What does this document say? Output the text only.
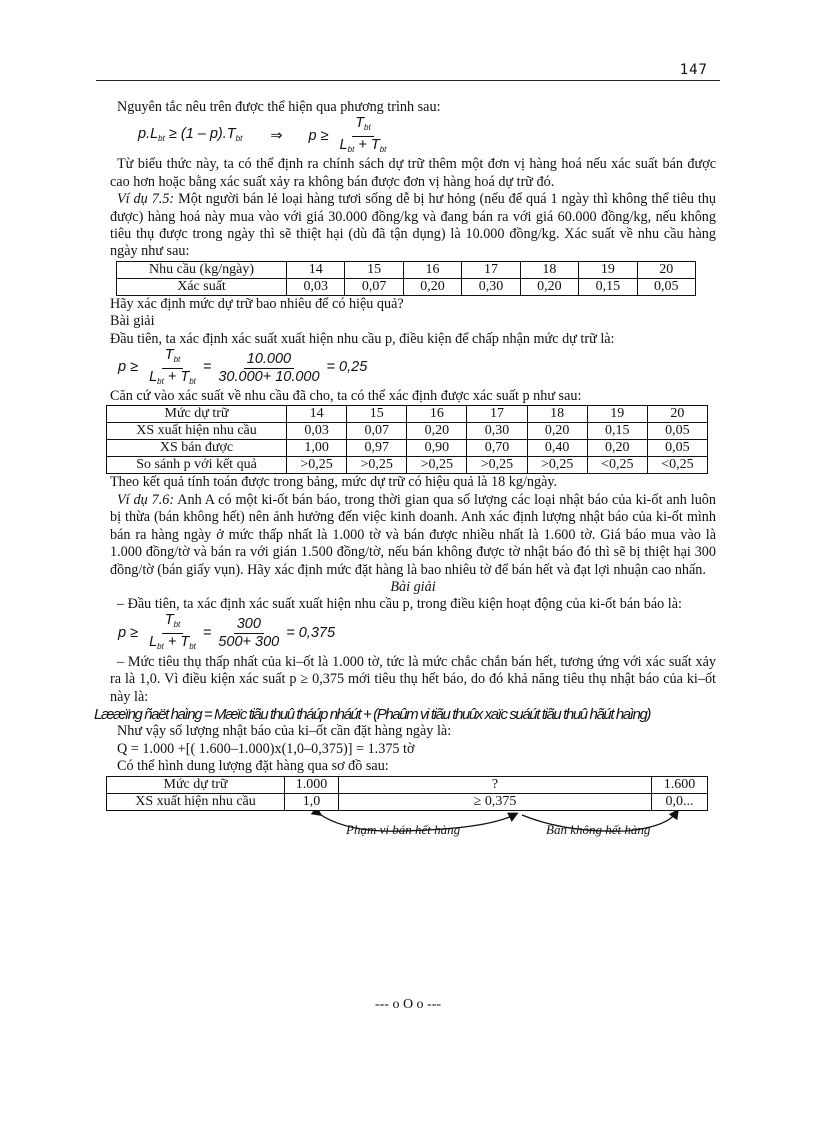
147
Nguyên tắc nêu trên được thể hiện qua phương trình sau:
$p.L_{bt} \ge (1 - p).T_{bt}$ ⇒ $p \ge \frac{T_{bt}}{L_{bt} + T_{bt}}$
Từ biểu thức này, ta có thể định ra chính sách dự trữ thêm một đơn vị hàng hoá nếu xác suất bán được cao hơn hoặc bằng xác suất xảy ra không bán được đơn vị hàng hoá dự trữ đó.
Ví dụ 7.5: Một người bán lẻ loại hàng tươi sống dễ bị hư hỏng (nếu để quá 1 ngày thì không thể tiêu thụ được) hàng hoá này mua vào với giá 30.000 đồng/kg và đang bán ra với giá 60.000 đồng/kg, nếu không tiêu thụ được trong ngày thì sẽ thiệt hại (dù đã tận dụng) là 10.000 đồng/kg. Xác suất về nhu cầu hàng ngày như sau:
Nhu cầu (kg/ngày)	14	15	16	17	18	19	20
Xác suất	0,03	0,07	0,20	0,30	0,20	0,15	0,05
Hãy xác định mức dự trữ bao nhiêu để có hiệu quả?
Bài giải
Đầu tiên, ta xác định xác suất xuất hiện nhu cầu p, điều kiện để chấp nhận mức dự trữ là:
$p \ge \frac{T_{bt}}{L_{bt} + T_{bt}} = \frac{10.000}{30.000+ 10.000} = 0,25$
Căn cứ vào xác suất về nhu cầu đã cho, ta có thể xác định được xác suất p như sau:
Mức dự trữ	14	15	16	17	18	19	20
XS xuất hiện nhu cầu	0,03	0,07	0,20	0,30	0,20	0,15	0,05
XS bán được	1,00	0,97	0,90	0,70	0,40	0,20	0,05
So sánh p với kết quả	>0,25	>0,25	>0,25	>0,25	>0,25	<0,25	<0,25
Theo kết quả tính toán được trong bảng, mức dự trữ có hiệu quả là 18 kg/ngày.
Ví dụ 7.6: Anh A có một ki-ốt bán báo, trong thời gian qua số lượng các loại nhật báo của ki-ốt anh luôn bị thừa (bán không hết) nên ảnh hưởng đến việc kinh doanh. Anh xác định lượng nhật báo của ki-ốt mình bán ra hàng ngày ở mức thấp nhất là 1.000 tờ và bán được nhiều nhất là 1.600 tờ. Giá báo mua vào là 1.000 đồng/tờ và bán ra với gián 1.500 đồng/tờ, nếu bán không được tờ nhật báo đó thì sẽ bị thiệt hại 300 đồng/tờ (bán giấy vụn). Hãy xác định mức đặt hàng là bao nhiêu tờ để bán hết và đạt lợi nhuận cao nhấn.
Bài giải
– Đầu tiên, ta xác định xác suất xuất hiện nhu cầu p, trong điều kiện hoạt động của ki-ốt bán báo là:
$p \ge \frac{T_{bt}}{L_{bt} + T_{bt}} = \frac{300}{500+ 300} = 0,375$
– Mức tiêu thụ thấp nhất của ki–ốt là 1.000 tờ, tức là mức chắc chắn bán hết, tương ứng với xác suất xảy ra là 1,0. Vì điều kiện xác suất p ≥ 0,375 mới tiêu thụ hết báo, do đó khả năng tiêu thụ nhật báo của ki–ốt này là:
Lææïng ñaët haìng = Mæïc tiãu thuû tháúp nháút + (Phaûm vi tiãu thuûx xaïc suáút tiãu thuû hãút haìng)
Như vậy số lượng nhật báo của ki–ốt cần đặt hàng ngày là:
Q = 1.000 +[( 1.600–1.000)x(1,0–0,375)] = 1.375 tờ
Có thể hình dung lượng đặt hàng qua sơ đồ sau:
Mức dự trữ	1.000	?	1.600
XS xuất hiện nhu cầu	1,0	≥ 0,375	0,0...
Phạm vi bán hết hàng	Bán không hết hàng
--- o O o ---
